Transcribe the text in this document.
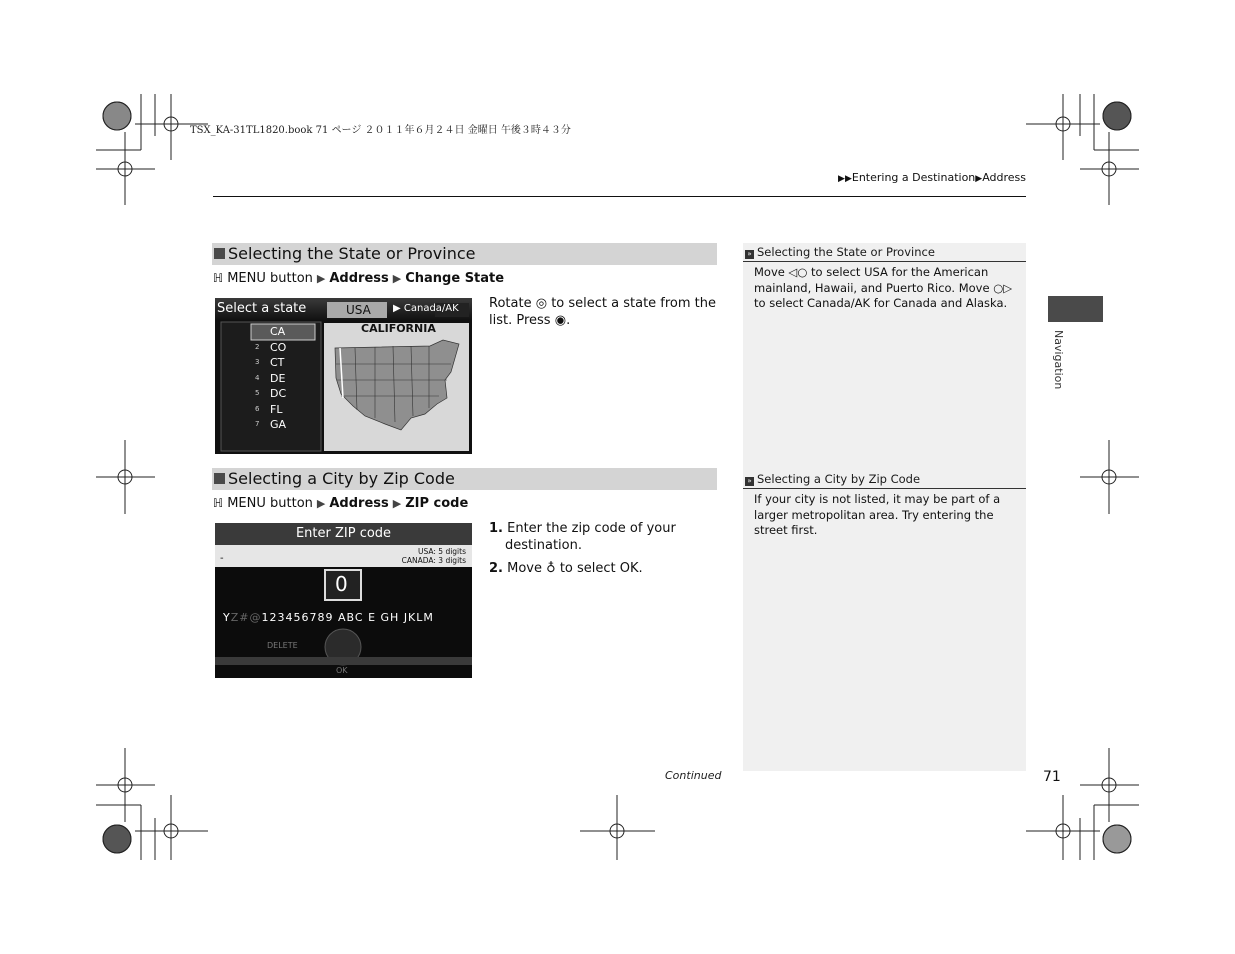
TSX_KA-31TL1820.book 71 ページ ２０１１年６月２４日 金曜日 午後３時４３分
▶▶Entering a Destination▶Address
Selecting the State or Province
ℍ MENU button ▶ Address ▶ Change State
Select a state	USA ▶ Canada/AK
CALIFORNIA
CA
2 CO
3 CT
4 DE
5 DC
6 FL
7 GA
Rotate ◎ to select a state from the list. Press ◉.
Selecting a City by Zip Code
ℍ MENU button ▶ Address ▶ ZIP code
Enter ZIP code
USA: 5 digits
CANADA: 3 digits
-
0
YZ#@123456789 ABC E GH JKLM
DELETE
OK
1. Enter the zip code of your destination.
2. Move ♁ to select OK.
» Selecting the State or Province
Move ◁○ to select USA for the American mainland, Hawaii, and Puerto Rico. Move ○▷ to select Canada/AK for Canada and Alaska.
» Selecting a City by Zip Code
If your city is not listed, it may be part of a larger metropolitan area. Try entering the street first.
Navigation
Continued	71
